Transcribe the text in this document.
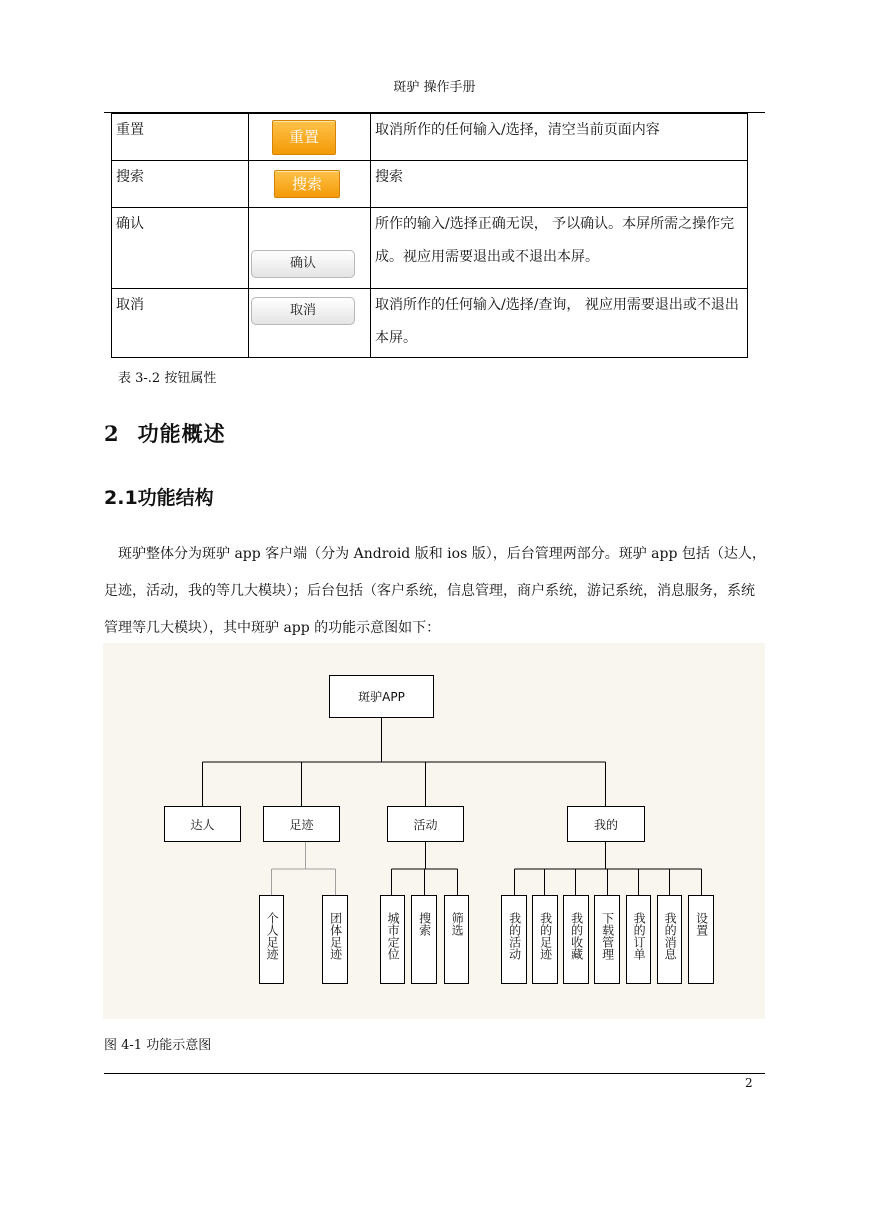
斑驴 操作手册
重置	重置	取消所作的任何输入/选择，清空当前页面内容

搜索	搜索	搜索

确认	确认	所作的输入/选择正确无误， 予以确认。本屏所需之操作完成。视应用需要退出或不退出本屏。

取消	取消	取消所作的任何输入/选择/查询， 视应用需要退出或不退出本屏。
表 3-.2 按钮属性
2 功能概述
2.1功能结构
斑驴整体分为斑驴 app 客户端（分为 Android 版和 ios 版），后台管理两部分。斑驴 app 包括（达人，足迹，活动，我的等几大模块）；后台包括（客户系统，信息管理，商户系统，游记系统，消息服务，系统管理等几大模块），其中斑驴 app 的功能示意图如下：
斑驴APP
达人	足迹	活动	我的
个人足迹	团体足迹	城市定位	搜索	筛选	我的活动	我的足迹	我的收藏	下载管理	我的订单	我的消息	设置
图 4-1 功能示意图
2
